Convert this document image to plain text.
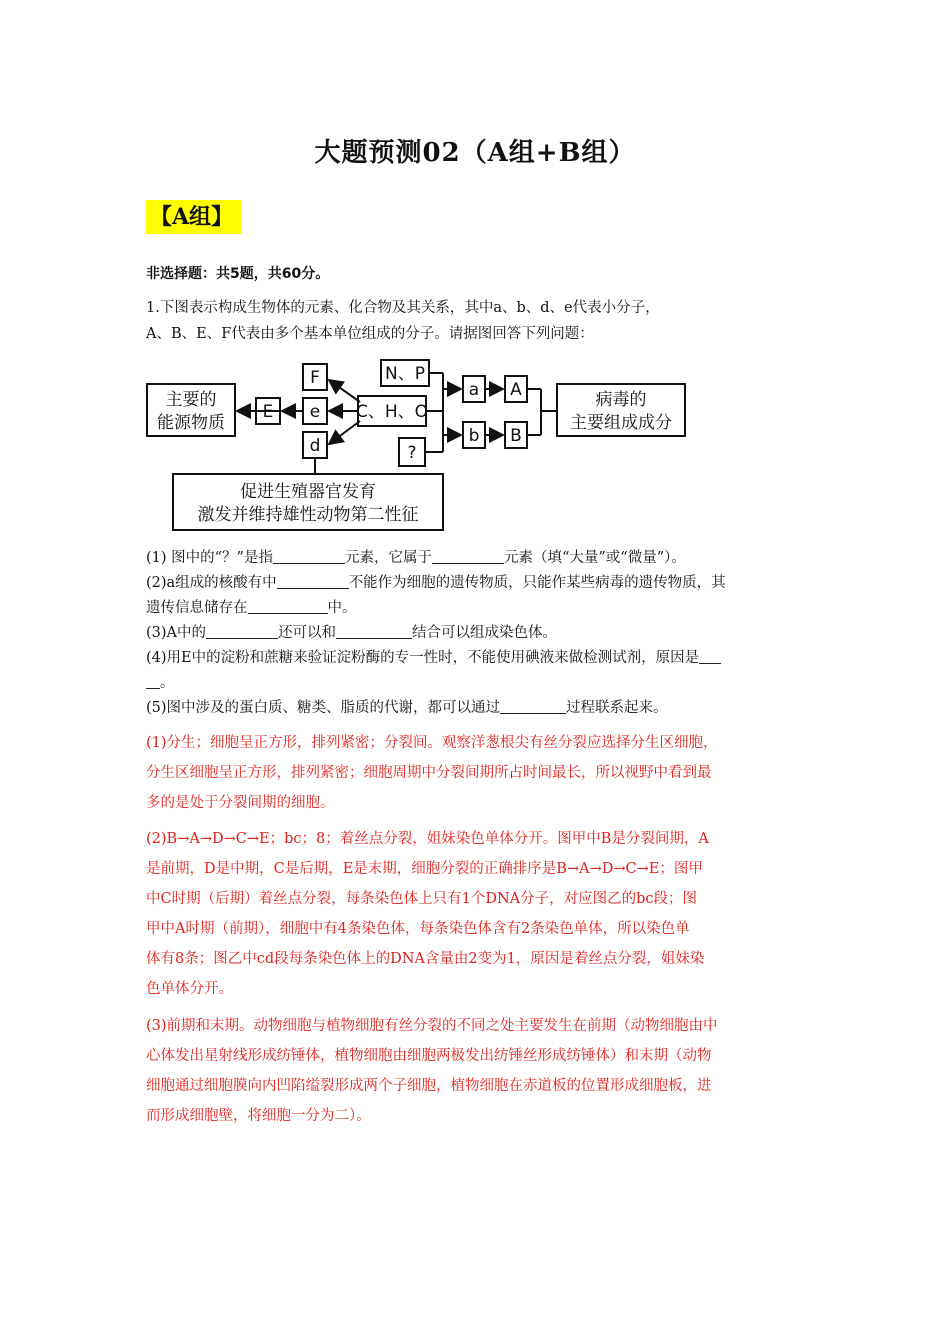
大题预测02（A组+B组）
【A组】
非选择题：共5题，共60分。
1.下图表示构成生物体的元素、化合物及其关系，其中a、b、d、e代表小分子，
A、B、E、F代表由多个基本单位组成的分子。请据图回答下列问题：
主要的
能源物质
E
F
e
d
C、H、O
N、P
?
a A
b B
病毒的
主要组成成分
促进生殖器官发育
激发并维持雄性动物第二性征
(1) 图中的“？”是指	元素，它属于	元素（填“大量”或“微量”）。
(2)a组成的核酸有中	不能作为细胞的遗传物质，只能作某些病毒的遗传物质，其
遗传信息储存在	中。
(3)A中的	还可以和	结合可以组成染色体。
(4)用E中的淀粉和蔗糖来验证淀粉酶的专一性时，不能使用碘液来做检测试剂，原因是
。
(5)图中涉及的蛋白质、糖类、脂质的代谢，都可以通过	过程联系起来。
(1)分生；细胞呈正方形，排列紧密；分裂间。观察洋葱根尖有丝分裂应选择分生区细胞，
分生区细胞呈正方形，排列紧密；细胞周期中分裂间期所占时间最长，所以视野中看到最
多的是处于分裂间期的细胞。
(2)B→A→D→C→E；bc；8；着丝点分裂，姐妹染色单体分开。图甲中B是分裂间期，A
是前期，D是中期，C是后期，E是末期，细胞分裂的正确排序是B→A→D→C→E；图甲
中C时期（后期）着丝点分裂，每条染色体上只有1个DNA分子，对应图乙的bc段；图
甲中A时期（前期），细胞中有4条染色体，每条染色体含有2条染色单体，所以染色单
体有8条；图乙中cd段每条染色体上的DNA含量由2变为1，原因是着丝点分裂，姐妹染
色单体分开。
(3)前期和末期。动物细胞与植物细胞有丝分裂的不同之处主要发生在前期（动物细胞由中
心体发出星射线形成纺锤体，植物细胞由细胞两极发出纺锤丝形成纺锤体）和末期（动物
细胞通过细胞膜向内凹陷缢裂形成两个子细胞，植物细胞在赤道板的位置形成细胞板，进
而形成细胞壁，将细胞一分为二）。
